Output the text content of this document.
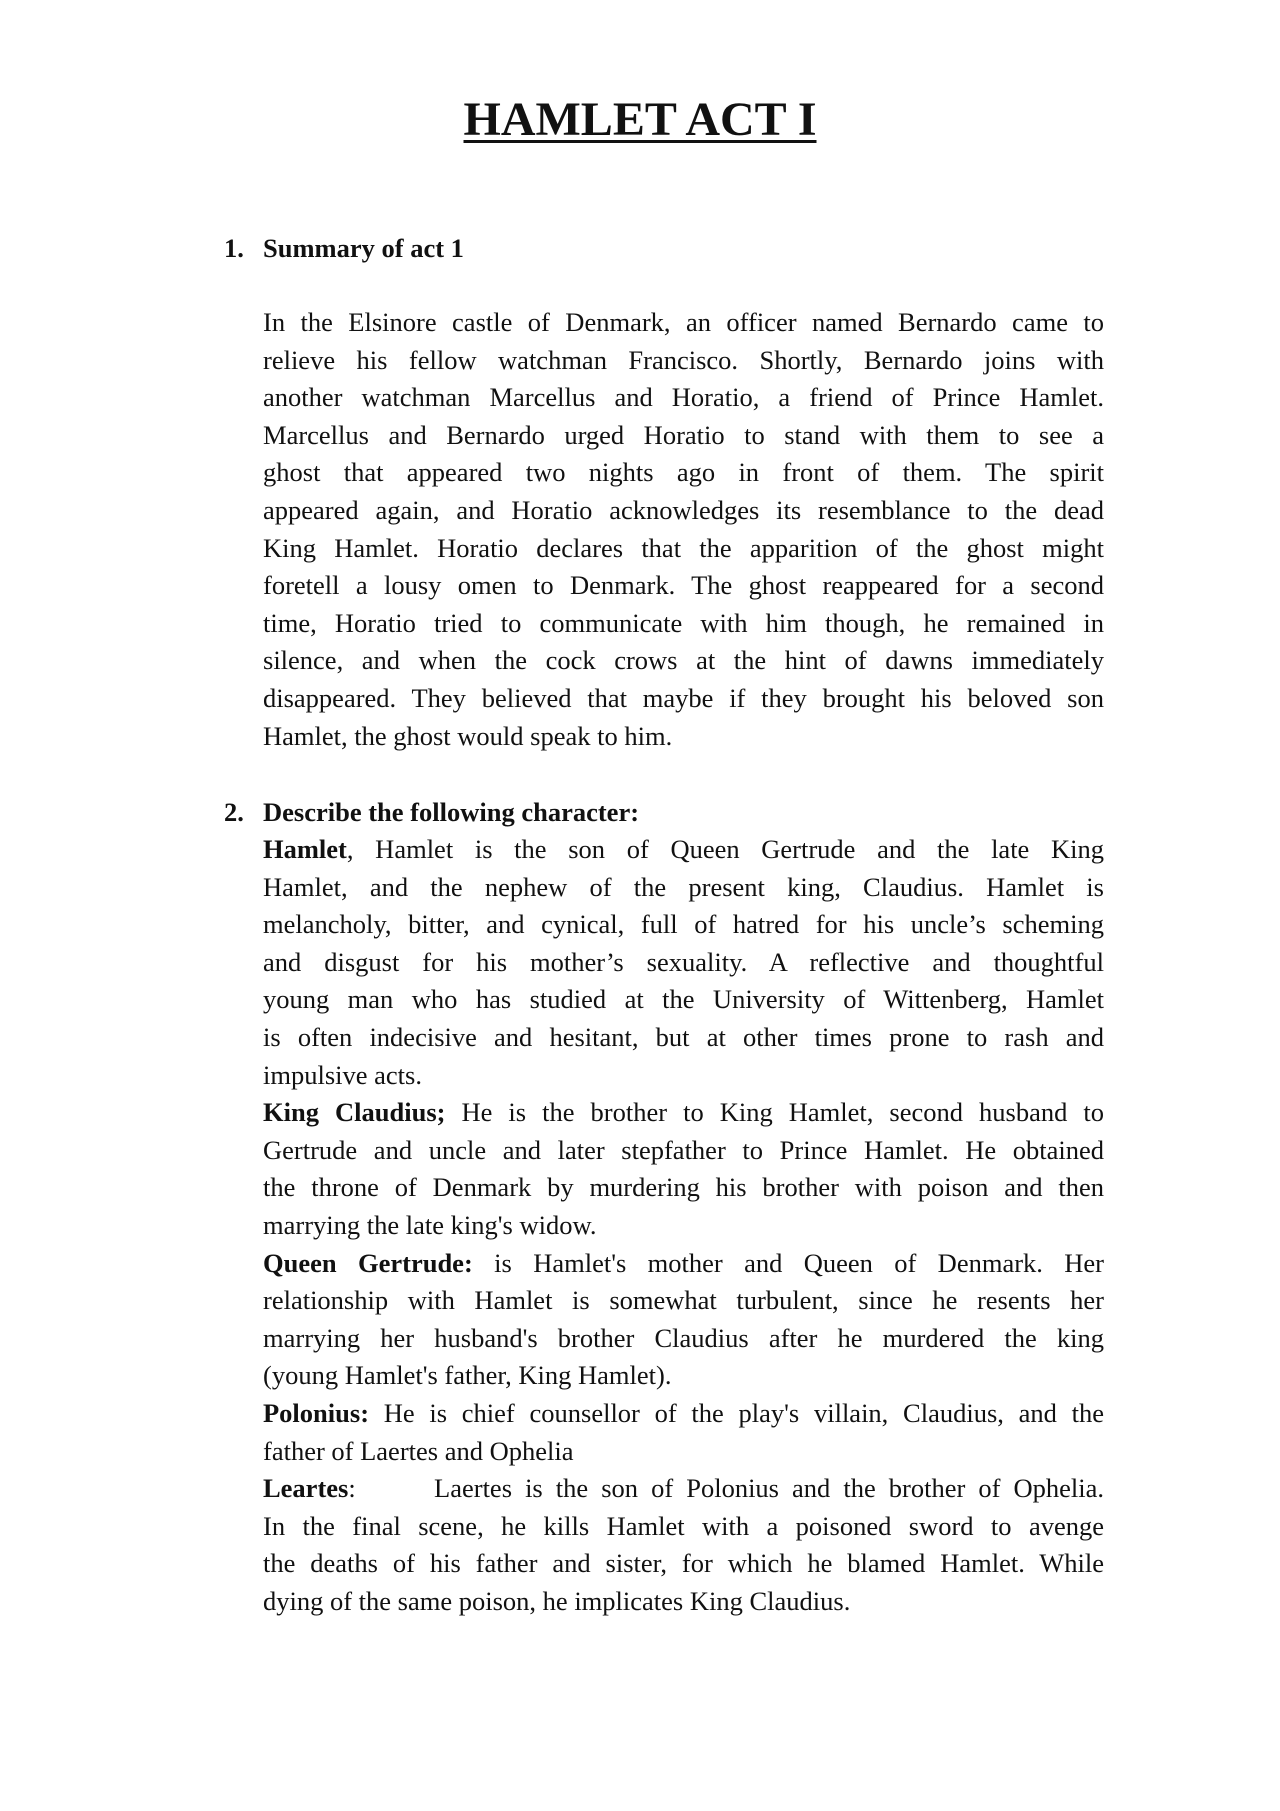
HAMLET ACT I
1. Summary of act 1
In the Elsinore castle of Denmark, an officer named Bernardo came to
relieve his fellow watchman Francisco. Shortly, Bernardo joins with
another watchman Marcellus and Horatio, a friend of Prince Hamlet.
Marcellus and Bernardo urged Horatio to stand with them to see a
ghost that appeared two nights ago in front of them. The spirit
appeared again, and Horatio acknowledges its resemblance to the dead
King Hamlet. Horatio declares that the apparition of the ghost might
foretell a lousy omen to Denmark. The ghost reappeared for a second
time, Horatio tried to communicate with him though, he remained in
silence, and when the cock crows at the hint of dawns immediately
disappeared. They believed that maybe if they brought his beloved son
Hamlet, the ghost would speak to him.
2. Describe the following character:
Hamlet, Hamlet is the son of Queen Gertrude and the late King
Hamlet, and the nephew of the present king, Claudius. Hamlet is
melancholy, bitter, and cynical, full of hatred for his uncle’s scheming
and disgust for his mother’s sexuality. A reflective and thoughtful
young man who has studied at the University of Wittenberg, Hamlet
is often indecisive and hesitant, but at other times prone to rash and
impulsive acts.
King Claudius; He is the brother to King Hamlet, second husband to
Gertrude and uncle and later stepfather to Prince Hamlet. He obtained
the throne of Denmark by murdering his brother with poison and then
marrying the late king's widow.
Queen Gertrude: is Hamlet's mother and Queen of Denmark. Her
relationship with Hamlet is somewhat turbulent, since he resents her
marrying her husband's brother Claudius after he murdered the king
(young Hamlet's father, King Hamlet).
Polonius: He is chief counsellor of the play's villain, Claudius, and the
father of Laertes and Ophelia
Leartes:      Laertes is the son of Polonius and the brother of Ophelia.
In the final scene, he kills Hamlet with a poisoned sword to avenge
the deaths of his father and sister, for which he blamed Hamlet. While
dying of the same poison, he implicates King Claudius.
